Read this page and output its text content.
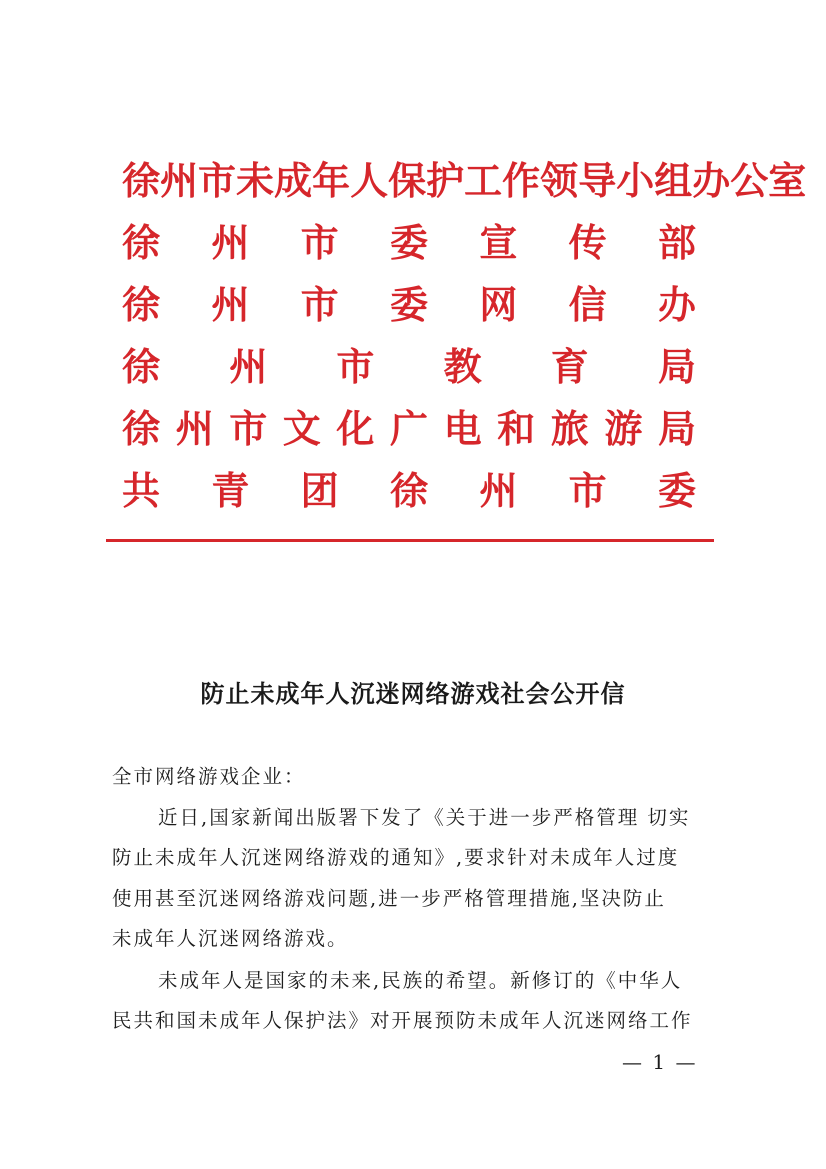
徐 州 市 未 成 年 人 保 护 工 作 领 导 小 组 办 公 室
徐 州 市 委 宣 传 部
徐 州 市 委 网 信 办
徐 州 市 教 育 局
徐 州 市 文 化 广 电 和 旅 游 局
共 青 团 徐 州 市 委
防止未成年人沉迷网络游戏社会公开信
全市网络游戏企业：
近日,国家新闻出版署下发了《关于进一步严格管理 切实
防止未成年人沉迷网络游戏的通知》,要求针对未成年人过度
使用甚至沉迷网络游戏问题,进一步严格管理措施,坚决防止
未成年人沉迷网络游戏。
未成年人是国家的未来,民族的希望。新修订的《中华人
民共和国未成年人保护法》对开展预防未成年人沉迷网络工作
— 1 —
